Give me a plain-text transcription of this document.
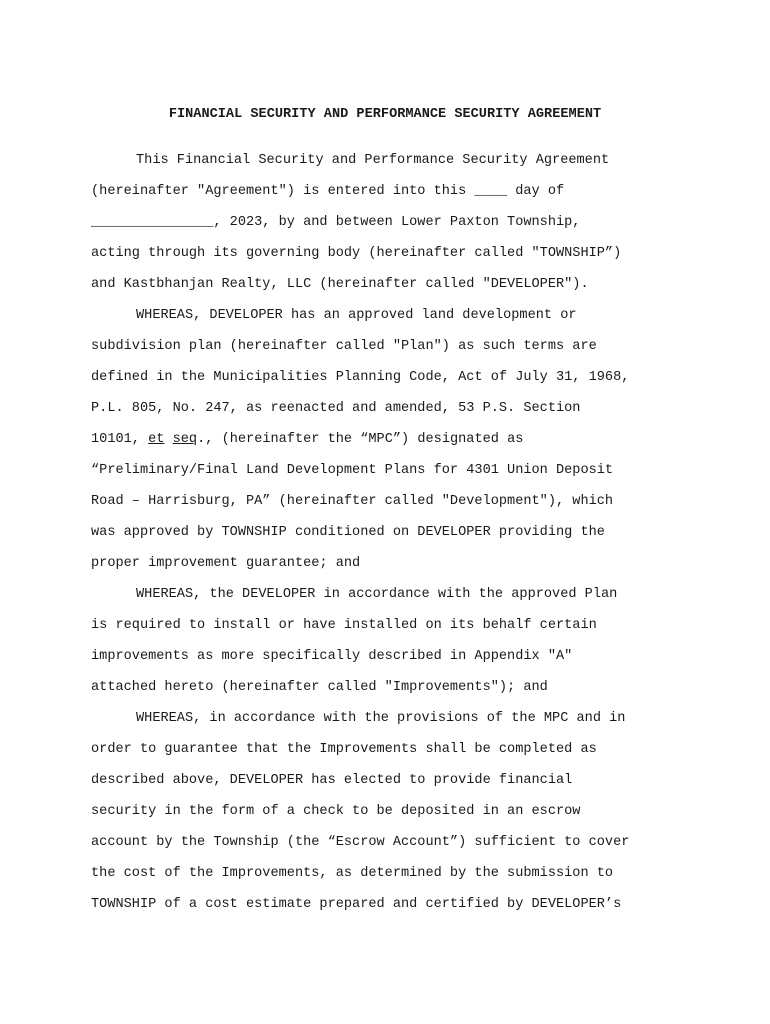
FINANCIAL SECURITY AND PERFORMANCE SECURITY AGREEMENT
This Financial Security and Performance Security Agreement
(hereinafter "Agreement") is entered into this ____ day of
_______________, 2023, by and between Lower Paxton Township,
acting through its governing body (hereinafter called "TOWNSHIP”)
and Kastbhanjan Realty, LLC (hereinafter called "DEVELOPER").
WHEREAS, DEVELOPER has an approved land development or
subdivision plan (hereinafter called "Plan") as such terms are
defined in the Municipalities Planning Code, Act of July 31, 1968,
P.L. 805, No. 247, as reenacted and amended, 53 P.S. Section
10101, et seq., (hereinafter the “MPC”) designated as
“Preliminary/Final Land Development Plans for 4301 Union Deposit
Road – Harrisburg, PA” (hereinafter called "Development"), which
was approved by TOWNSHIP conditioned on DEVELOPER providing the
proper improvement guarantee; and
WHEREAS, the DEVELOPER in accordance with the approved Plan
is required to install or have installed on its behalf certain
improvements as more specifically described in Appendix "A"
attached hereto (hereinafter called "Improvements"); and
WHEREAS, in accordance with the provisions of the MPC and in
order to guarantee that the Improvements shall be completed as
described above, DEVELOPER has elected to provide financial
security in the form of a check to be deposited in an escrow
account by the Township (the “Escrow Account”) sufficient to cover
the cost of the Improvements, as determined by the submission to
TOWNSHIP of a cost estimate prepared and certified by DEVELOPER’s
